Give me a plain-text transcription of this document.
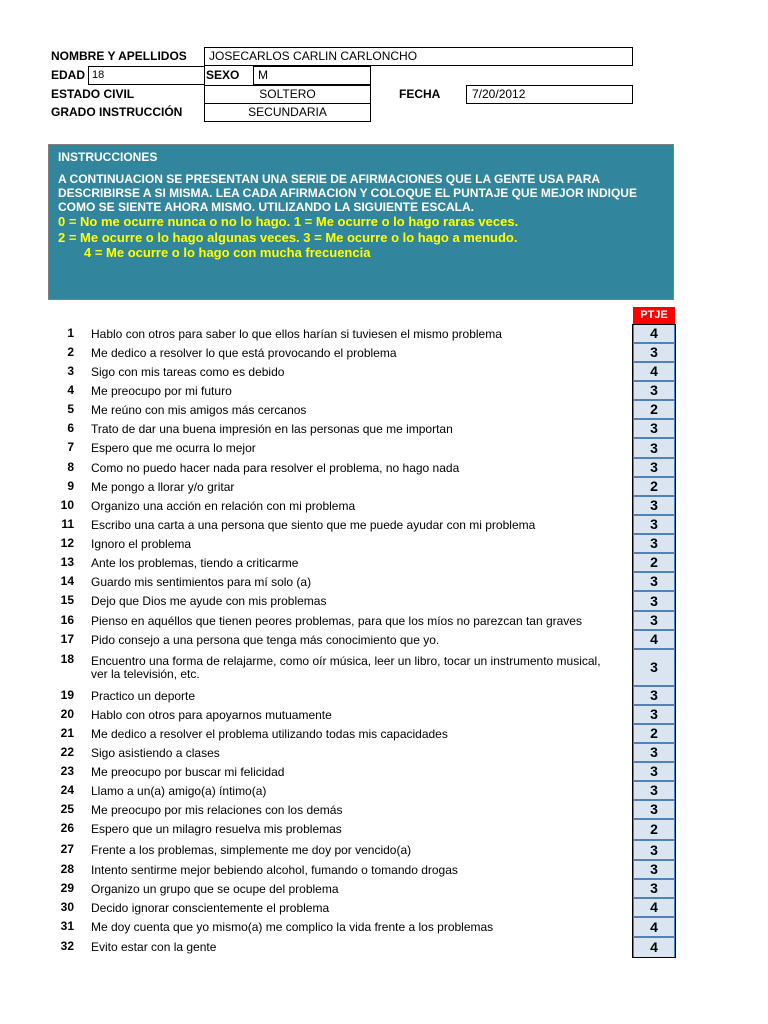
NOMBRE Y APELLIDOS	JOSECARLOS CARLIN CARLONCHO
EDAD 18	SEXO	M
ESTADO CIVIL	SOLTERO	FECHA	7/20/2012
GRADO INSTRUCCIÓN	SECUNDARIA
INSTRUCCIONES
A CONTINUACION SE PRESENTAN UNA SERIE DE AFIRMACIONES QUE LA GENTE USA PARA
DESCRIBIRSE A SI MISMA. LEA CADA AFIRMACION Y COLOQUE EL PUNTAJE QUE MEJOR INDIQUE
COMO SE SIENTE AHORA MISMO. UTILIZANDO LA SIGUIENTE ESCALA.
0 = No me ocurre nunca o no lo hago. 1 = Me ocurre o lo hago raras veces.
2 = Me ocurre o lo hago algunas veces. 3 = Me ocurre o lo hago a menudo.
4 = Me ocurre o lo hago con mucha frecuencia
PTJE
1 Hablo con otros para saber lo que ellos harían si tuviesen el mismo problema	4
2 Me dedico a resolver lo que está provocando el problema	3
3 Sigo con mis tareas como es debido	4
4 Me preocupo por mi futuro	3
5 Me reúno con mis amigos más cercanos	2
6 Trato de dar una buena impresión en las personas que me importan	3
7 Espero que me ocurra lo mejor	3
8 Como no puedo hacer nada para resolver el problema, no hago nada	3
9 Me pongo a llorar y/o gritar	2
10 Organizo una acción en relación con mi problema	3
11 Escribo una carta a una persona que siento que me puede ayudar con mi problema	3
12 Ignoro el problema	3
13 Ante los problemas, tiendo a criticarme	2
14 Guardo mis sentimientos para mí solo (a)	3
15 Dejo que Dios me ayude con mis problemas	3
16 Pienso en aquéllos que tienen peores problemas, para que los míos no parezcan tan graves	3
17 Pido consejo a una persona que tenga más conocimiento que yo.	4
18 Encuentro una forma de relajarme, como oír música, leer un libro, tocar un instrumento musical, ver la televisión, etc.	3
19 Practico un deporte	3
20 Hablo con otros para apoyarnos mutuamente	3
21 Me dedico a resolver el problema utilizando todas mis capacidades	2
22 Sigo asistiendo a clases	3
23 Me preocupo por buscar mi felicidad	3
24 Llamo a un(a) amigo(a) íntimo(a)	3
25 Me preocupo por mis relaciones con los demás	3
26 Espero que un milagro resuelva mis problemas	2
27 Frente a los problemas, simplemente me doy por vencido(a)	3
28 Intento sentirme mejor bebiendo alcohol, fumando o tomando drogas	3
29 Organizo un grupo que se ocupe del problema	3
30 Decido ignorar conscientemente el problema	4
31 Me doy cuenta que yo mismo(a) me complico la vida frente a los problemas	4
32 Evito estar con la gente	4
